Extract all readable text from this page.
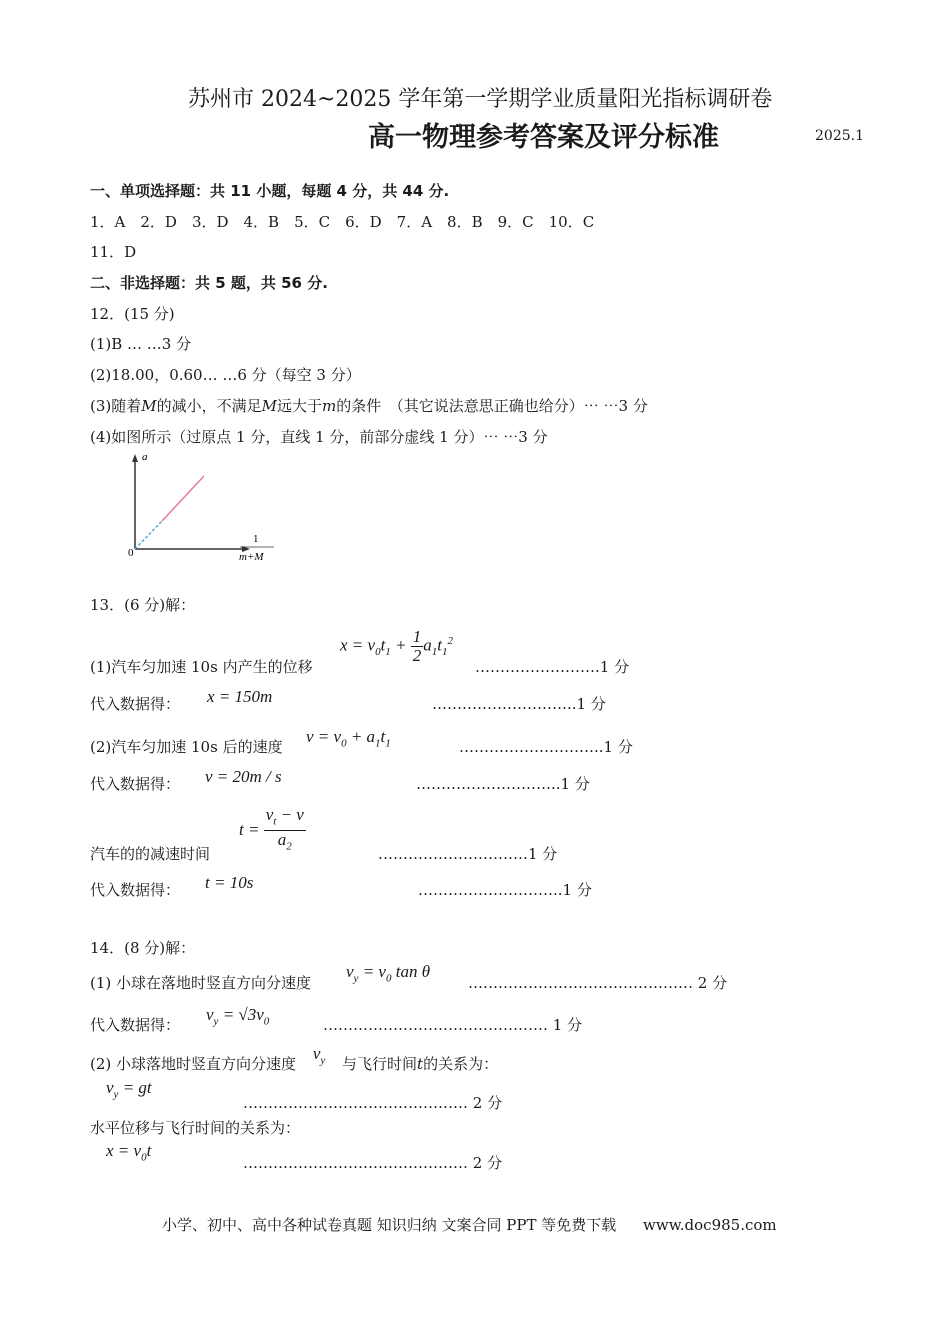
苏州市 2024~2025 学年第一学期学业质量阳光指标调研卷
高一物理参考答案及评分标准	2025.1
一、单项选择题：共 11 小题，每题 4 分，共 44 分.
1．A　2．D　3．D　4．B　5．C　6．D　7．A　8．B　9．C　10．C
11．D
二、非选择题：共 5 题，共 56 分.
12．(15 分)
(1)B … …3 分
(2)18.00，0.60… …6 分（每空 3 分）
(3)随着M的减小，不满足M远大于m的条件　（其它说法意思正确也给分）⋯ ⋯3 分
(4)如图所示（过原点 1 分，直线 1 分，前部分虚线 1 分）⋯ ⋯3 分
a
0
1
m+M
13．(6 分)解：
$x = v_0t_1 + \frac{1}{2} a_1t_1^2$
(1)汽车匀加速 10s 内产生的位移	…………………….1 分
代入数据得： x = 150m	………………………..1 分
(2)汽车匀加速 10s 后的速度
$v = v_0 + a_1t_1$	………………………..1 分
代入数据得： v = 20m / s	………………………..1 分
$t = \frac{v_t - v}{a_2}$
汽车的的减速时间	…………………………1 分
代入数据得： t = 10s	………………………..1 分
14．(8 分)解：
(1) 小球在落地时竖直方向分速度
$v_y = v_0$ tan θ
……………………………………… 2 分
代入数据得：
$v_y = √3v_0$	……………………………………… 1 分
(2) 小球落地时竖直方向分速度 $v_y$ 与飞行时间t的关系为：
$v_y$ = gt
……………………………………… 2 分
水平位移与飞行时间的关系为：
$x = v_0t$
……………………………………… 2 分
小学、初中、高中各种试卷真题 知识归纳 文案合同 PPT 等免费下载 www.doc985.com
